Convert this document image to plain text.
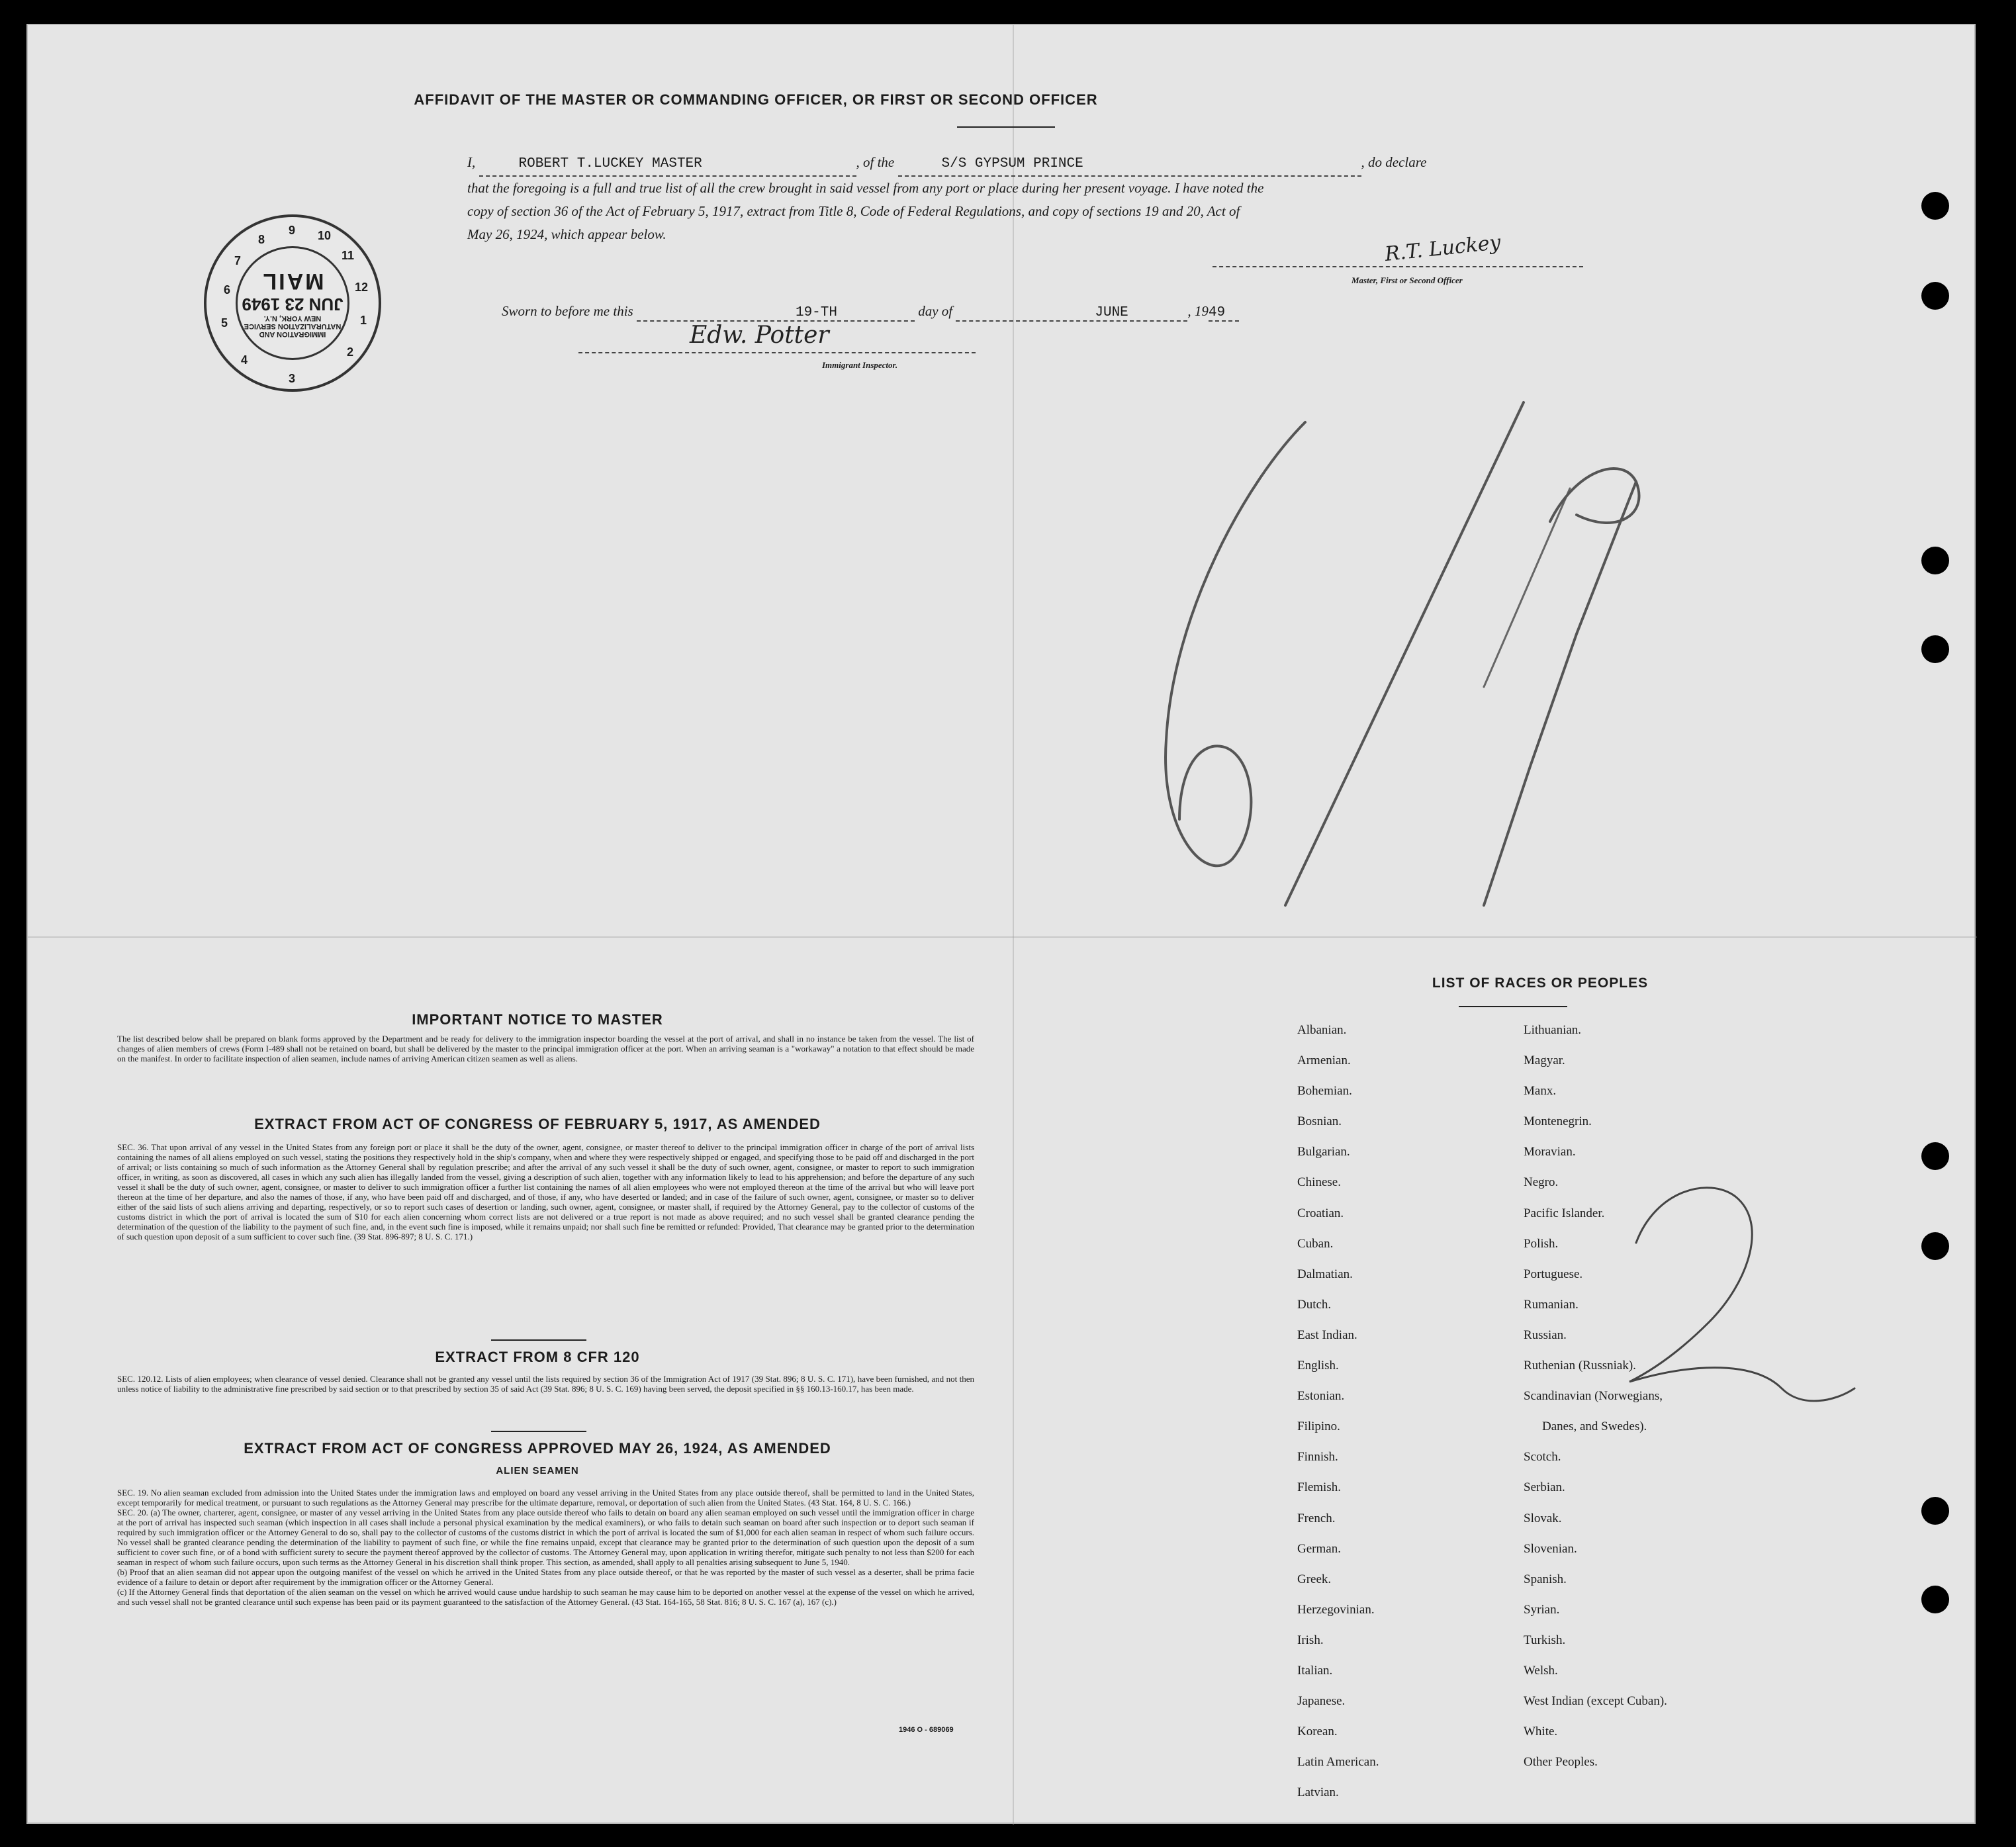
AFFIDAVIT OF THE MASTER OR COMMANDING OFFICER, OR FIRST OR SECOND OFFICER
I,	ROBERT T.LUCKEY MASTER	, of the	S/S GYPSUM PRINCE	, do declare
that the foregoing is a full and true list of all the crew brought in said vessel from any port or place during her present voyage. I have noted the
copy of section 36 of the Act of February 5, 1917, extract from Title 8, Code of Federal Regulations, and copy of sections 19 and 20, Act of
May 26, 1924, which appear below.	R.T. Luckey
Master, First or Second Officer
Sworn to before me this	19-TH	day of	JUNE	, 1949
Edw. Potter
Immigrant Inspector.
IMMIGRATION AND NATURALIZATION SERVICE
NEW YORK, N.Y.
JUN 23 1949
MAIL
5
6
7
8
9 10
11
12
1
2
3
4
6/19
2
IMPORTANT NOTICE TO MASTER
The list described below shall be prepared on blank forms approved by the Department and be ready for delivery to the immigration inspector boarding the vessel at the port of arrival, and shall in no instance be taken from the vessel. The list of changes of alien members of crews (Form I-489 shall not be retained on board, but shall be delivered by the master to the principal immigration officer at the port. When an arriving seaman is a "workaway" a notation to that effect should be made on the manifest. In order to facilitate inspection of alien seamen, include names of arriving American citizen seamen as well as aliens.
EXTRACT FROM ACT OF CONGRESS OF FEBRUARY 5, 1917, AS AMENDED
SEC. 36. That upon arrival of any vessel in the United States from any foreign port or place it shall be the duty of the owner, agent, consignee, or master thereof to deliver to the principal immigration officer in charge of the port of arrival lists containing the names of all aliens employed on such vessel, stating the positions they respectively hold in the ship's company, when and where they were respectively shipped or engaged, and specifying those to be paid off and discharged in the port of arrival; or lists containing so much of such information as the Attorney General shall by regulation prescribe; and after the arrival of any such vessel it shall be the duty of such owner, agent, consignee, or master to report to such immigration officer, in writing, as soon as discovered, all cases in which any such alien has illegally landed from the vessel, giving a description of such alien, together with any information likely to lead to his apprehension; and before the departure of any such vessel it shall be the duty of such owner, agent, consignee, or master to deliver to such immigration officer a further list containing the names of all alien employees who were not employed thereon at the time of the arrival but who will leave port thereon at the time of her departure, and also the names of those, if any, who have been paid off and discharged, and of those, if any, who have deserted or landed; and in case of the failure of such owner, agent, consignee, or master so to deliver either of the said lists of such aliens arriving and departing, respectively, or so to report such cases of desertion or landing, such owner, agent, consignee, or master shall, if required by the Attorney General, pay to the collector of customs of the customs district in which the port of arrival is located the sum of $10 for each alien concerning whom correct lists are not delivered or a true report is not made as above required; and no such vessel shall be granted clearance pending the determination of the question of the liability to the payment of such fine, and, in the event such fine is imposed, while it remains unpaid; nor shall such fine be remitted or refunded: Provided, That clearance may be granted prior to the determination of such question upon deposit of a sum sufficient to cover such fine. (39 Stat. 896-897; 8 U. S. C. 171.)
EXTRACT FROM 8 CFR 120
SEC. 120.12. Lists of alien employees; when clearance of vessel denied. Clearance shall not be granted any vessel until the lists required by section 36 of the Immigration Act of 1917 (39 Stat. 896; 8 U. S. C. 171), have been furnished, and not then unless notice of liability to the administrative fine prescribed by said section or to that prescribed by section 35 of said Act (39 Stat. 896; 8 U. S. C. 169) having been served, the deposit specified in §§ 160.13-160.17, has been made.
EXTRACT FROM ACT OF CONGRESS APPROVED MAY 26, 1924, AS AMENDED
ALIEN SEAMEN
SEC. 19. No alien seaman excluded from admission into the United States under the immigration laws and employed on board any vessel arriving in the United States from any place outside thereof, shall be permitted to land in the United States, except temporarily for medical treatment, or pursuant to such regulations as the Attorney General may prescribe for the ultimate departure, removal, or deportation of such alien from the United States. (43 Stat. 164, 8 U. S. C. 166.)
SEC. 20. (a) The owner, charterer, agent, consignee, or master of any vessel arriving in the United States from any place outside thereof who fails to detain on board any alien seaman employed on such vessel until the immigration officer in charge at the port of arrival has inspected such seaman (which inspection in all cases shall include a personal physical examination by the medical examiners), or who fails to detain such seaman on board after such inspection or to deport such seaman if required by such immigration officer or the Attorney General to do so, shall pay to the collector of customs of the customs district in which the port of arrival is located the sum of $1,000 for each alien seaman in respect of whom such failure occurs. No vessel shall be granted clearance pending the determination of the liability to payment of such fine, or while the fine remains unpaid, except that clearance may be granted prior to the determination of such question upon the deposit of a sum sufficient to cover such fine, or of a bond with sufficient surety to secure the payment thereof approved by the collector of customs. The Attorney General may, upon application in writing therefor, mitigate such penalty to not less than $200 for each seaman in respect of whom such failure occurs, upon such terms as the Attorney General in his discretion shall think proper. This section, as amended, shall apply to all penalties arising subsequent to June 5, 1940.
(b) Proof that an alien seaman did not appear upon the outgoing manifest of the vessel on which he arrived in the United States from any place outside thereof, or that he was reported by the master of such vessel as a deserter, shall be prima facie evidence of a failure to detain or deport after requirement by the immigration officer or the Attorney General.
(c) If the Attorney General finds that deportation of the alien seaman on the vessel on which he arrived would cause undue hardship to such seaman he may cause him to be deported on another vessel at the expense of the vessel on which he arrived, and such vessel shall not be granted clearance until such expense has been paid or its payment guaranteed to the satisfaction of the Attorney General. (43 Stat. 164-165, 58 Stat. 816; 8 U. S. C. 167 (a), 167 (c).)
1946 O - 689069
LIST OF RACES OR PEOPLES
Albanian.
Armenian.
Bohemian.
Bosnian.
Bulgarian.
Chinese.
Croatian.
Cuban.
Dalmatian.
Dutch.
East Indian.
English.
Estonian.
Filipino.
Finnish.
Flemish.
French.
German.
Greek.
Herzegovinian.
Irish.
Italian.
Japanese.
Korean.
Latin American.
Latvian.
Lithuanian.
Magyar.
Manx.
Montenegrin.
Moravian.
Negro.
Pacific Islander.
Polish.
Portuguese.
Rumanian.
Russian.
Ruthenian (Russniak).
Scandinavian (Norwegians,
Danes, and Swedes).
Scotch.
Serbian.
Slovak.
Slovenian.
Spanish.
Syrian.
Turkish.
Welsh.
West Indian (except Cuban).
White.
Other Peoples.
